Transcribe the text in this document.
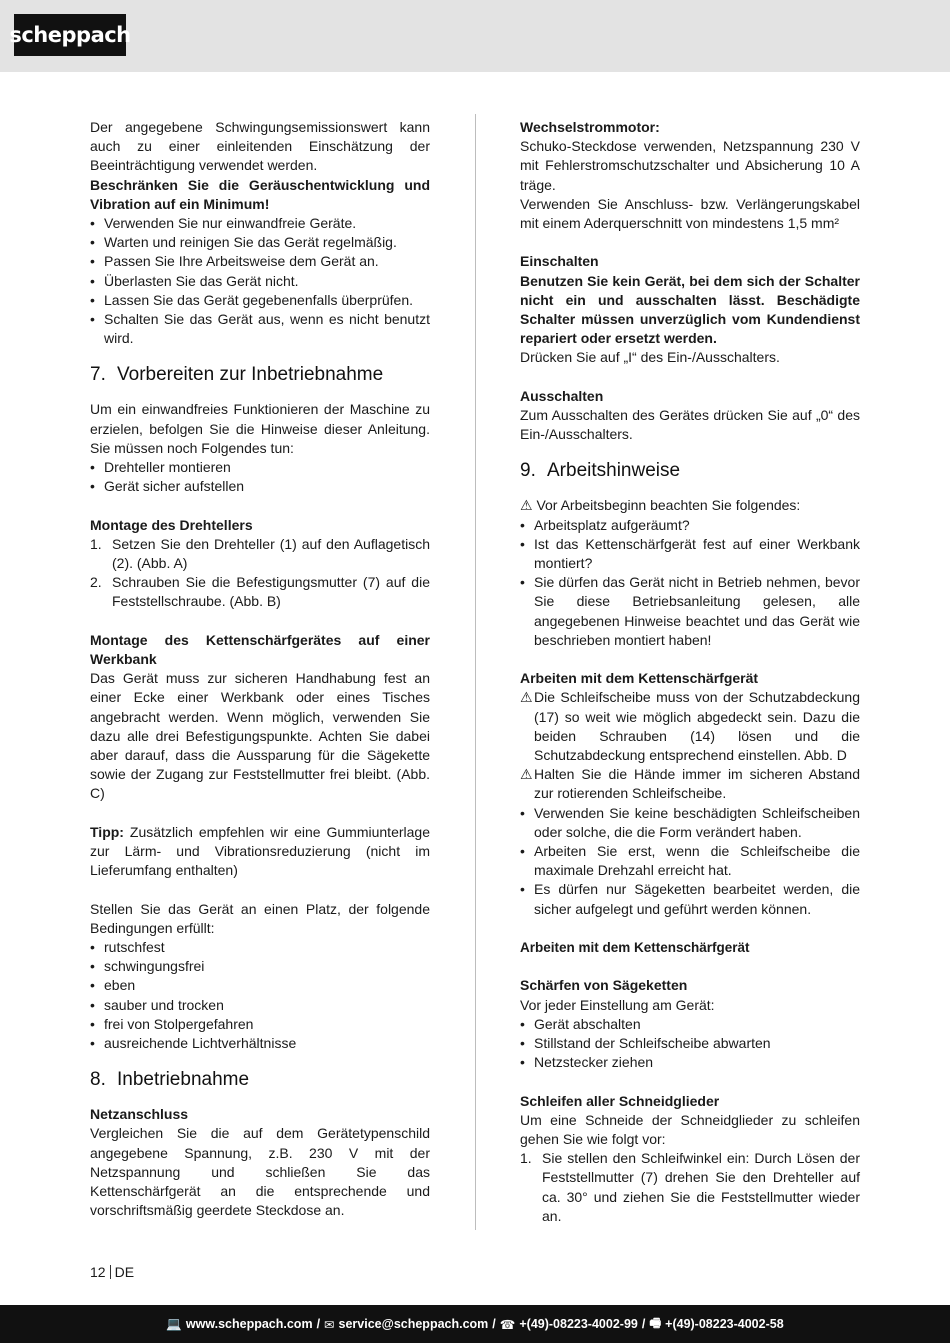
scheppach

Der angegebene Schwingungsemissionswert kann auch zu einer einleitenden Einschätzung der Beeinträchtigung verwendet werden.

Beschränken Sie die Geräuschentwicklung und Vibration auf ein Minimum!

• Verwenden Sie nur einwandfreie Geräte.
• Warten und reinigen Sie das Gerät regelmäßig.
• Passen Sie Ihre Arbeitsweise dem Gerät an.
• Überlasten Sie das Gerät nicht.
• Lassen Sie das Gerät gegebenenfalls überprüfen.
• Schalten Sie das Gerät aus, wenn es nicht benutzt wird.
7. Vorbereiten zur Inbetriebnahme

Um ein einwandfreies Funktionieren der Maschine zu erzielen, befolgen Sie die Hinweise dieser Anleitung. Sie müssen noch Folgendes tun:

• Drehteller montieren
• Gerät sicher aufstellen

Montage des Drehtellers

1. Setzen Sie den Drehteller (1) auf den Auflagetisch (2). (Abb. A)
2. Schrauben Sie die Befestigungsmutter (7) auf die Feststellschraube. (Abb. B)

Montage des Kettenschärfgerätes auf einer Werkbank

Das Gerät muss zur sicheren Handhabung fest an einer Ecke einer Werkbank oder eines Tisches angebracht werden. Wenn möglich, verwenden Sie dazu alle drei Befestigungspunkte. Achten Sie dabei aber darauf, dass die Aussparung für die Sägekette sowie der Zugang zur Feststellmutter frei bleibt. (Abb. C)

Tipp: Zusätzlich empfehlen wir eine Gummiunterlage zur Lärm- und Vibrationsreduzierung (nicht im Lieferumfang enthalten)

Stellen Sie das Gerät an einen Platz, der folgende Bedingungen erfüllt:

• rutschfest
• schwingungsfrei
• eben
• sauber und trocken
• frei von Stolpergefahren
• ausreichende Lichtverhältnisse
8. Inbetriebnahme

Netzanschluss

Vergleichen Sie die auf dem Gerätetypenschild angegebene Spannung, z.B. 230 V mit der Netzspannung und schließen Sie das Kettenschärfgerät an die entsprechende und vorschriftsmäßig geerdete Steckdose an.

Wechselstrommotor:

Schuko-Steckdose verwenden, Netzspannung 230 V mit Fehlerstromschutzschalter und Absicherung 10 A träge.

Verwenden Sie Anschluss- bzw. Verlängerungskabel mit einem Aderquerschnitt von mindestens 1,5 mm²

Einschalten

Benutzen Sie kein Gerät, bei dem sich der Schalter nicht ein und ausschalten lässt. Beschädigte Schalter müssen unverzüglich vom Kundendienst repariert oder ersetzt werden.

Drücken Sie auf „I“ des Ein-/Ausschalters.

Ausschalten

Zum Ausschalten des Gerätes drücken Sie auf „0“ des Ein-/Ausschalters.

9. Arbeitshinweise

⚠ Vor Arbeitsbeginn beachten Sie folgendes:

• Arbeitsplatz aufgeräumt?
• Ist das Kettenschärfgerät fest auf einer Werkbank montiert?
• Sie dürfen das Gerät nicht in Betrieb nehmen, bevor Sie diese Betriebsanleitung gelesen, alle angegebenen Hinweise beachtet und das Gerät wie beschrieben montiert haben!

Arbeiten mit dem Kettenschärfgerät

⚠ Die Schleifscheibe muss von der Schutzabdeckung (17) so weit wie möglich abgedeckt sein. Dazu die beiden Schrauben (14) lösen und die Schutzabdeckung entsprechend einstellen. Abb. D
⚠ Halten Sie die Hände immer im sicheren Abstand zur rotierenden Schleifscheibe.
• Verwenden Sie keine beschädigten Schleifscheiben oder solche, die die Form verändert haben.
• Arbeiten Sie erst, wenn die Schleifscheibe die maximale Drehzahl erreicht hat.
• Es dürfen nur Sägeketten bearbeitet werden, die sicher aufgelegt und geführt werden können.

Arbeiten mit dem Kettenschärfgerät

Schärfen von Sägeketten

Vor jeder Einstellung am Gerät:

• Gerät abschalten
• Stillstand der Schleifscheibe abwarten
• Netzstecker ziehen

Schleifen aller Schneidglieder

Um eine Schneide der Schneidglieder zu schleifen gehen Sie wie folgt vor:

1. Sie stellen den Schleifwinkel ein: Durch Lösen der Feststellmutter (7) drehen Sie den Drehteller auf ca. 30° und ziehen Sie die Feststellmutter wieder an.
12 DE
💻 www.scheppach.com / ✉ service@scheppach.com / ☎ +(49)-08223-4002-99 / 🖷 +(49)-08223-4002-58
